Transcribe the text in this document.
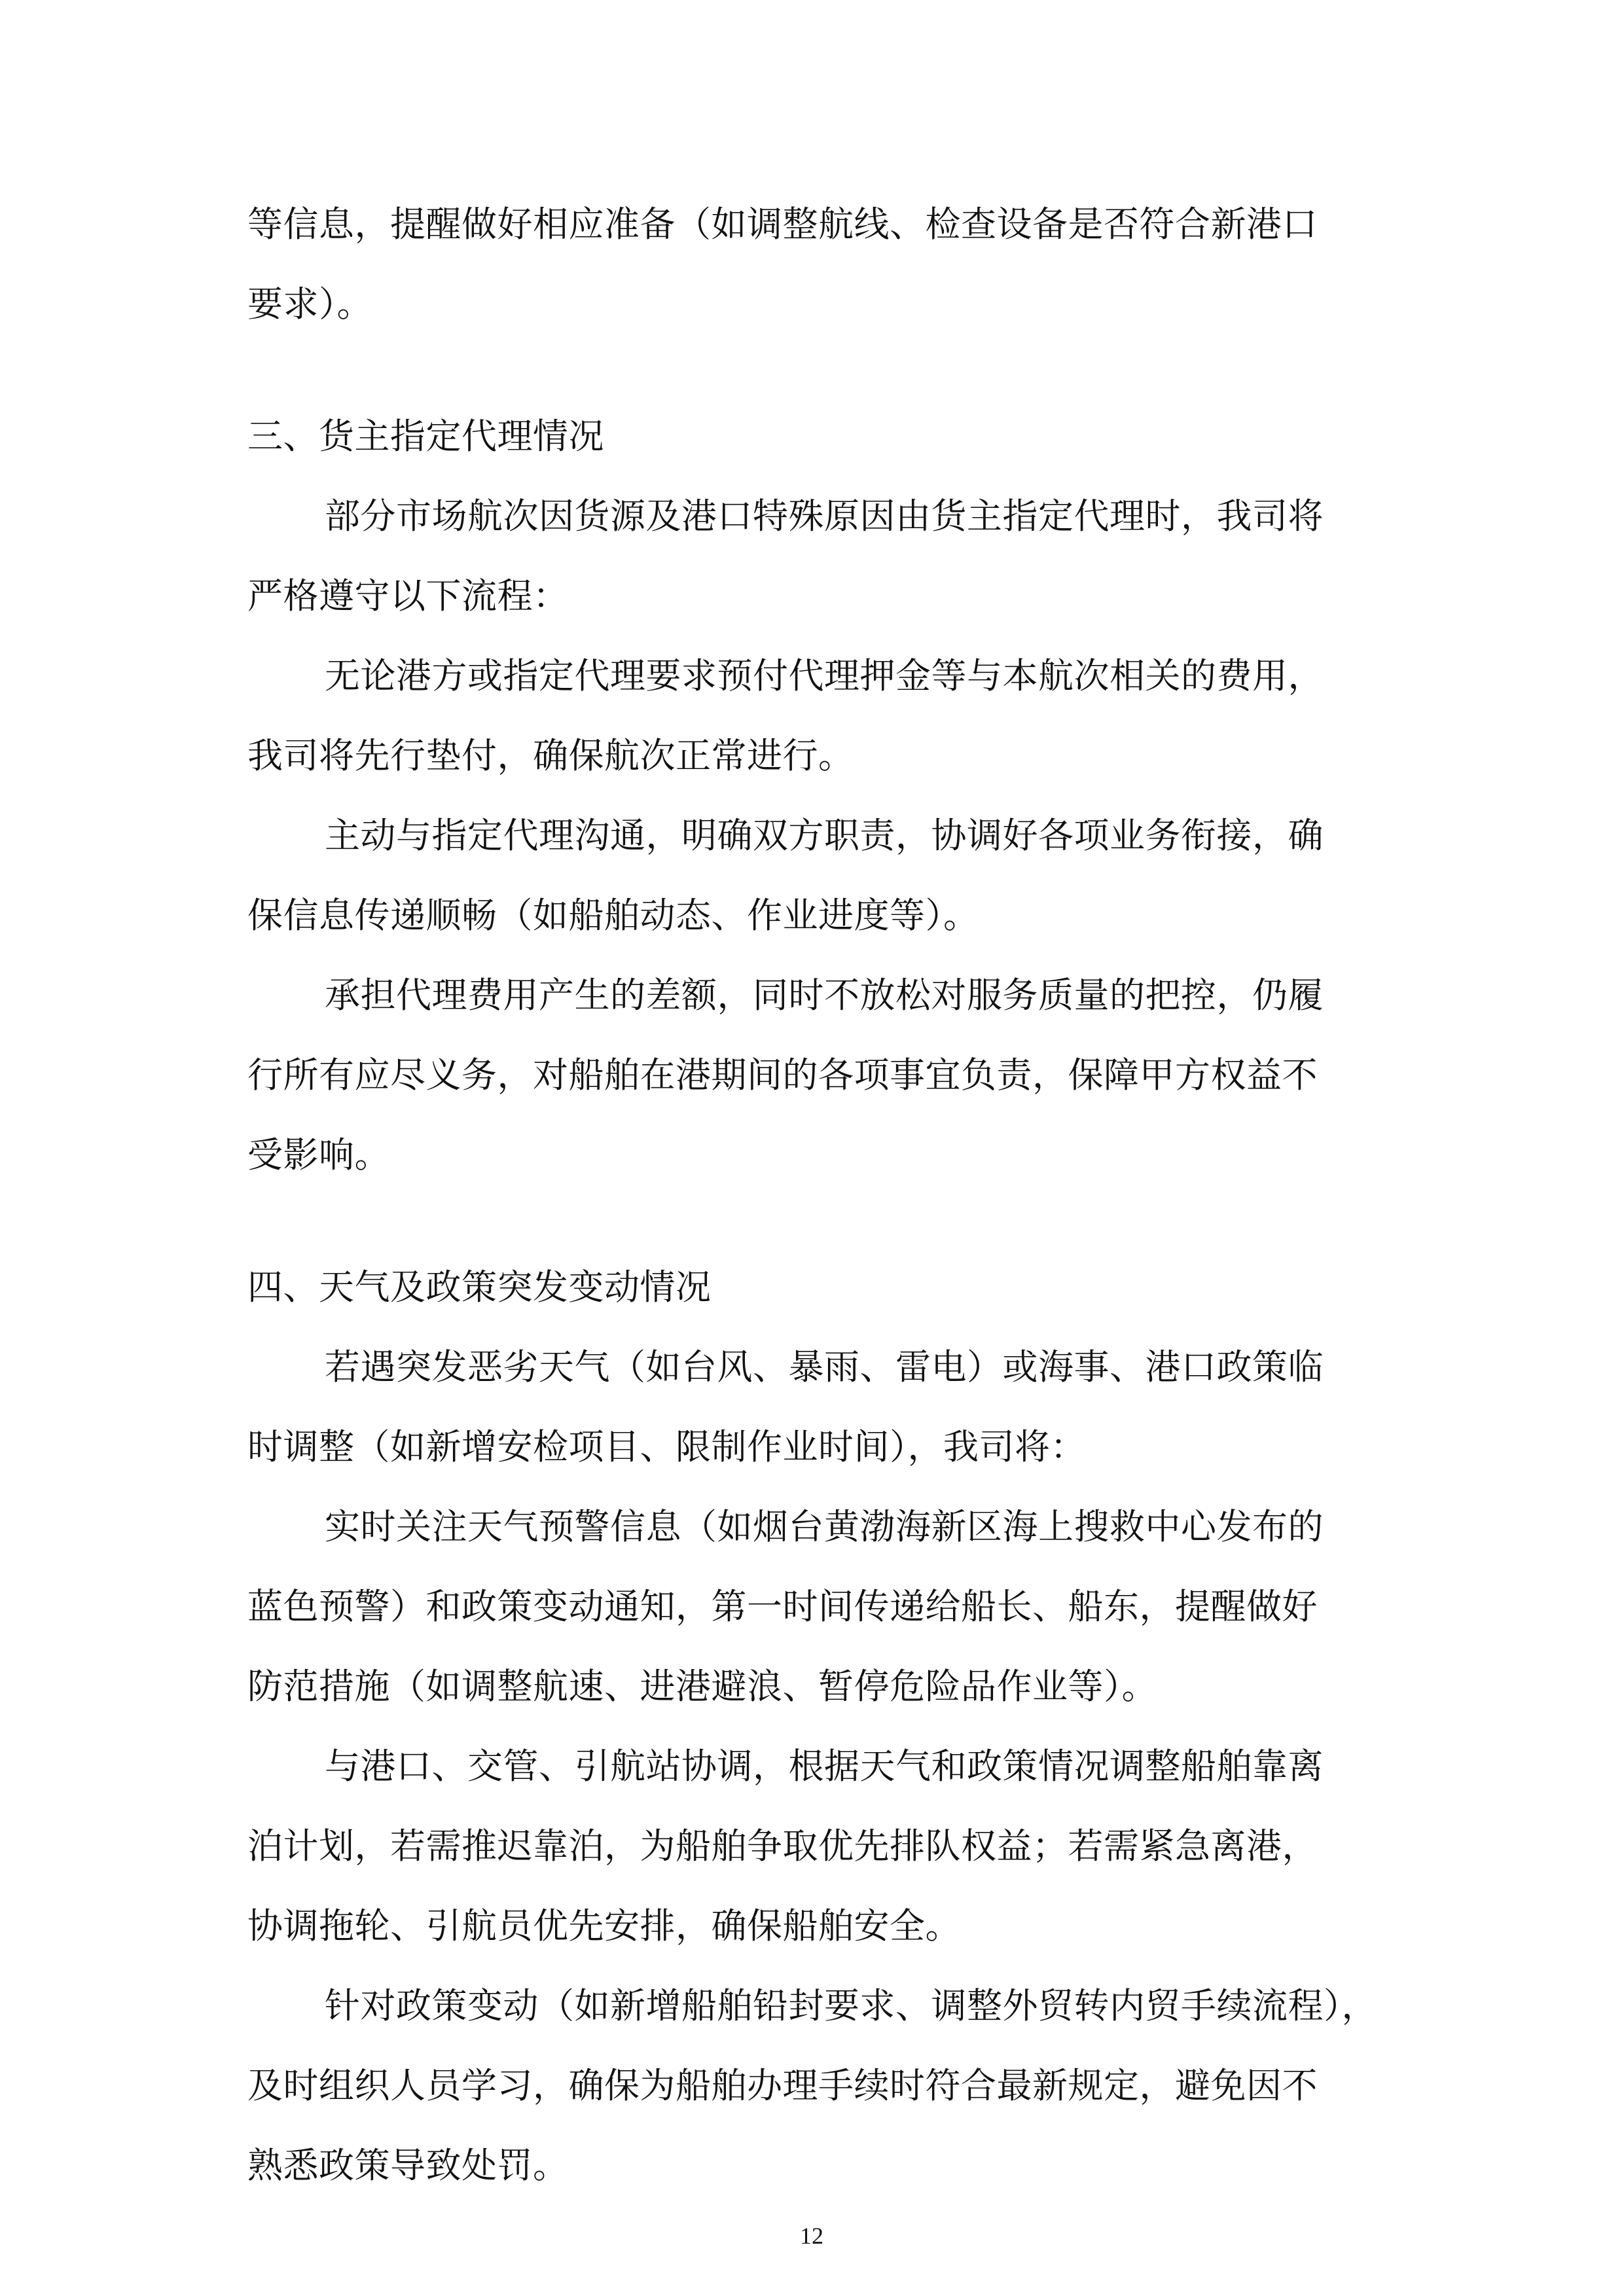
等信息，提醒做好相应准备（如调整航线、检查设备是否符合新港口
要求）。
三、货主指定代理情况
部分市场航次因货源及港口特殊原因由货主指定代理时，我司将
严格遵守以下流程：
无论港方或指定代理要求预付代理押金等与本航次相关的费用，
我司将先行垫付，确保航次正常进行。
主动与指定代理沟通，明确双方职责，协调好各项业务衔接，确
保信息传递顺畅（如船舶动态、作业进度等）。
承担代理费用产生的差额，同时不放松对服务质量的把控，仍履
行所有应尽义务，对船舶在港期间的各项事宜负责，保障甲方权益不
受影响。
四、天气及政策突发变动情况
若遇突发恶劣天气（如台风、暴雨、雷电）或海事、港口政策临
时调整（如新增安检项目、限制作业时间），我司将：
实时关注天气预警信息（如烟台黄渤海新区海上搜救中心发布的
蓝色预警）和政策变动通知，第一时间传递给船长、船东，提醒做好
防范措施（如调整航速、进港避浪、暂停危险品作业等）。
与港口、交管、引航站协调，根据天气和政策情况调整船舶靠离
泊计划，若需推迟靠泊，为船舶争取优先排队权益；若需紧急离港，
协调拖轮、引航员优先安排，确保船舶安全。
针对政策变动（如新增船舶铅封要求、调整外贸转内贸手续流程），
及时组织人员学习，确保为船舶办理手续时符合最新规定，避免因不
熟悉政策导致处罚。
12
